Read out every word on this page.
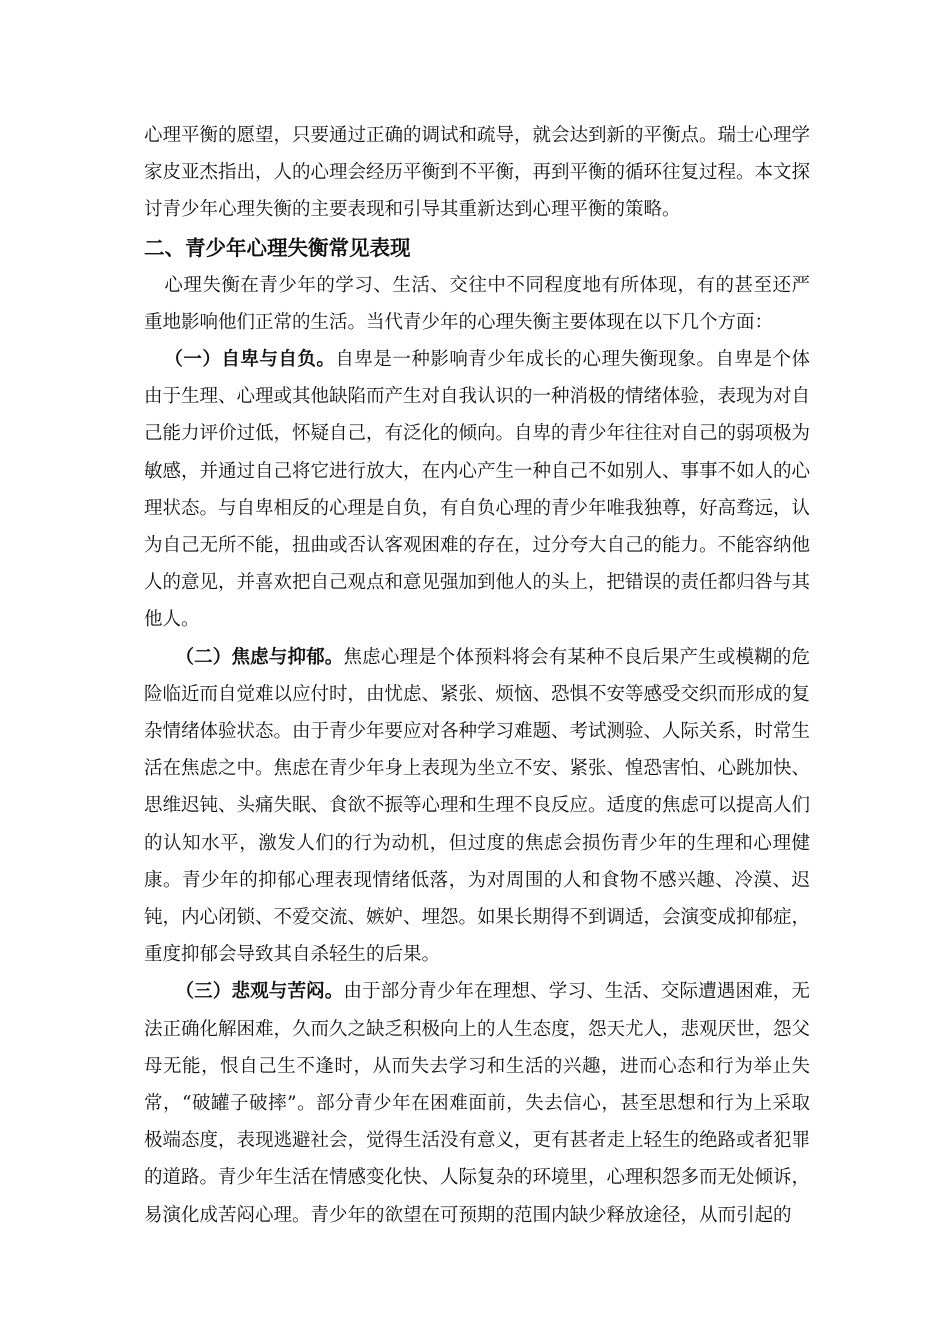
心理平衡的愿望，只要通过正确的调试和疏导，就会达到新的平衡点。瑞士心理学家皮亚杰指出，人的心理会经历平衡到不平衡，再到平衡的循环往复过程。本文探讨青少年心理失衡的主要表现和引导其重新达到心理平衡的策略。

二、青少年心理失衡常见表现

心理失衡在青少年的学习、生活、交往中不同程度地有所体现，有的甚至还严重地影响他们正常的生活。当代青少年的心理失衡主要体现在以下几个方面：

（一）自卑与自负。自卑是一种影响青少年成长的心理失衡现象。自卑是个体由于生理、心理或其他缺陷而产生对自我认识的一种消极的情绪体验，表现为对自己能力评价过低，怀疑自己，有泛化的倾向。自卑的青少年往往对自己的弱项极为敏感，并通过自己将它进行放大，在内心产生一种自己不如别人、事事不如人的心理状态。与自卑相反的心理是自负，有自负心理的青少年唯我独尊，好高骛远，认为自己无所不能，扭曲或否认客观困难的存在，过分夸大自己的能力。不能容纳他人的意见，并喜欢把自己观点和意见强加到他人的头上，把错误的责任都归咎与其他人。

（二）焦虑与抑郁。焦虑心理是个体预料将会有某种不良后果产生或模糊的危险临近而自觉难以应付时，由忧虑、紧张、烦恼、恐惧不安等感受交织而形成的复杂情绪体验状态。由于青少年要应对各种学习难题、考试测验、人际关系，时常生活在焦虑之中。焦虑在青少年身上表现为坐立不安、紧张、惶恐害怕、心跳加快、思维迟钝、头痛失眠、食欲不振等心理和生理不良反应。适度的焦虑可以提高人们的认知水平，激发人们的行为动机，但过度的焦虑会损伤青少年的生理和心理健康。青少年的抑郁心理表现情绪低落，为对周围的人和食物不感兴趣、冷漠、迟钝，内心闭锁、不爱交流、嫉妒、埋怨。如果长期得不到调适，会演变成抑郁症，重度抑郁会导致其自杀轻生的后果。

（三）悲观与苦闷。由于部分青少年在理想、学习、生活、交际遭遇困难，无法正确化解困难，久而久之缺乏积极向上的人生态度，怨天尤人，悲观厌世，怨父母无能，恨自己生不逢时，从而失去学习和生活的兴趣，进而心态和行为举止失常，“破罐子破摔”。部分青少年在困难面前，失去信心，甚至思想和行为上采取极端态度，表现逃避社会，觉得生活没有意义，更有甚者走上轻生的绝路或者犯罪的道路。青少年生活在情感变化快、人际复杂的环境里，心理积怨多而无处倾诉，易演化成苦闷心理。青少年的欲望在可预期的范围内缺少释放途径，从而引起的
